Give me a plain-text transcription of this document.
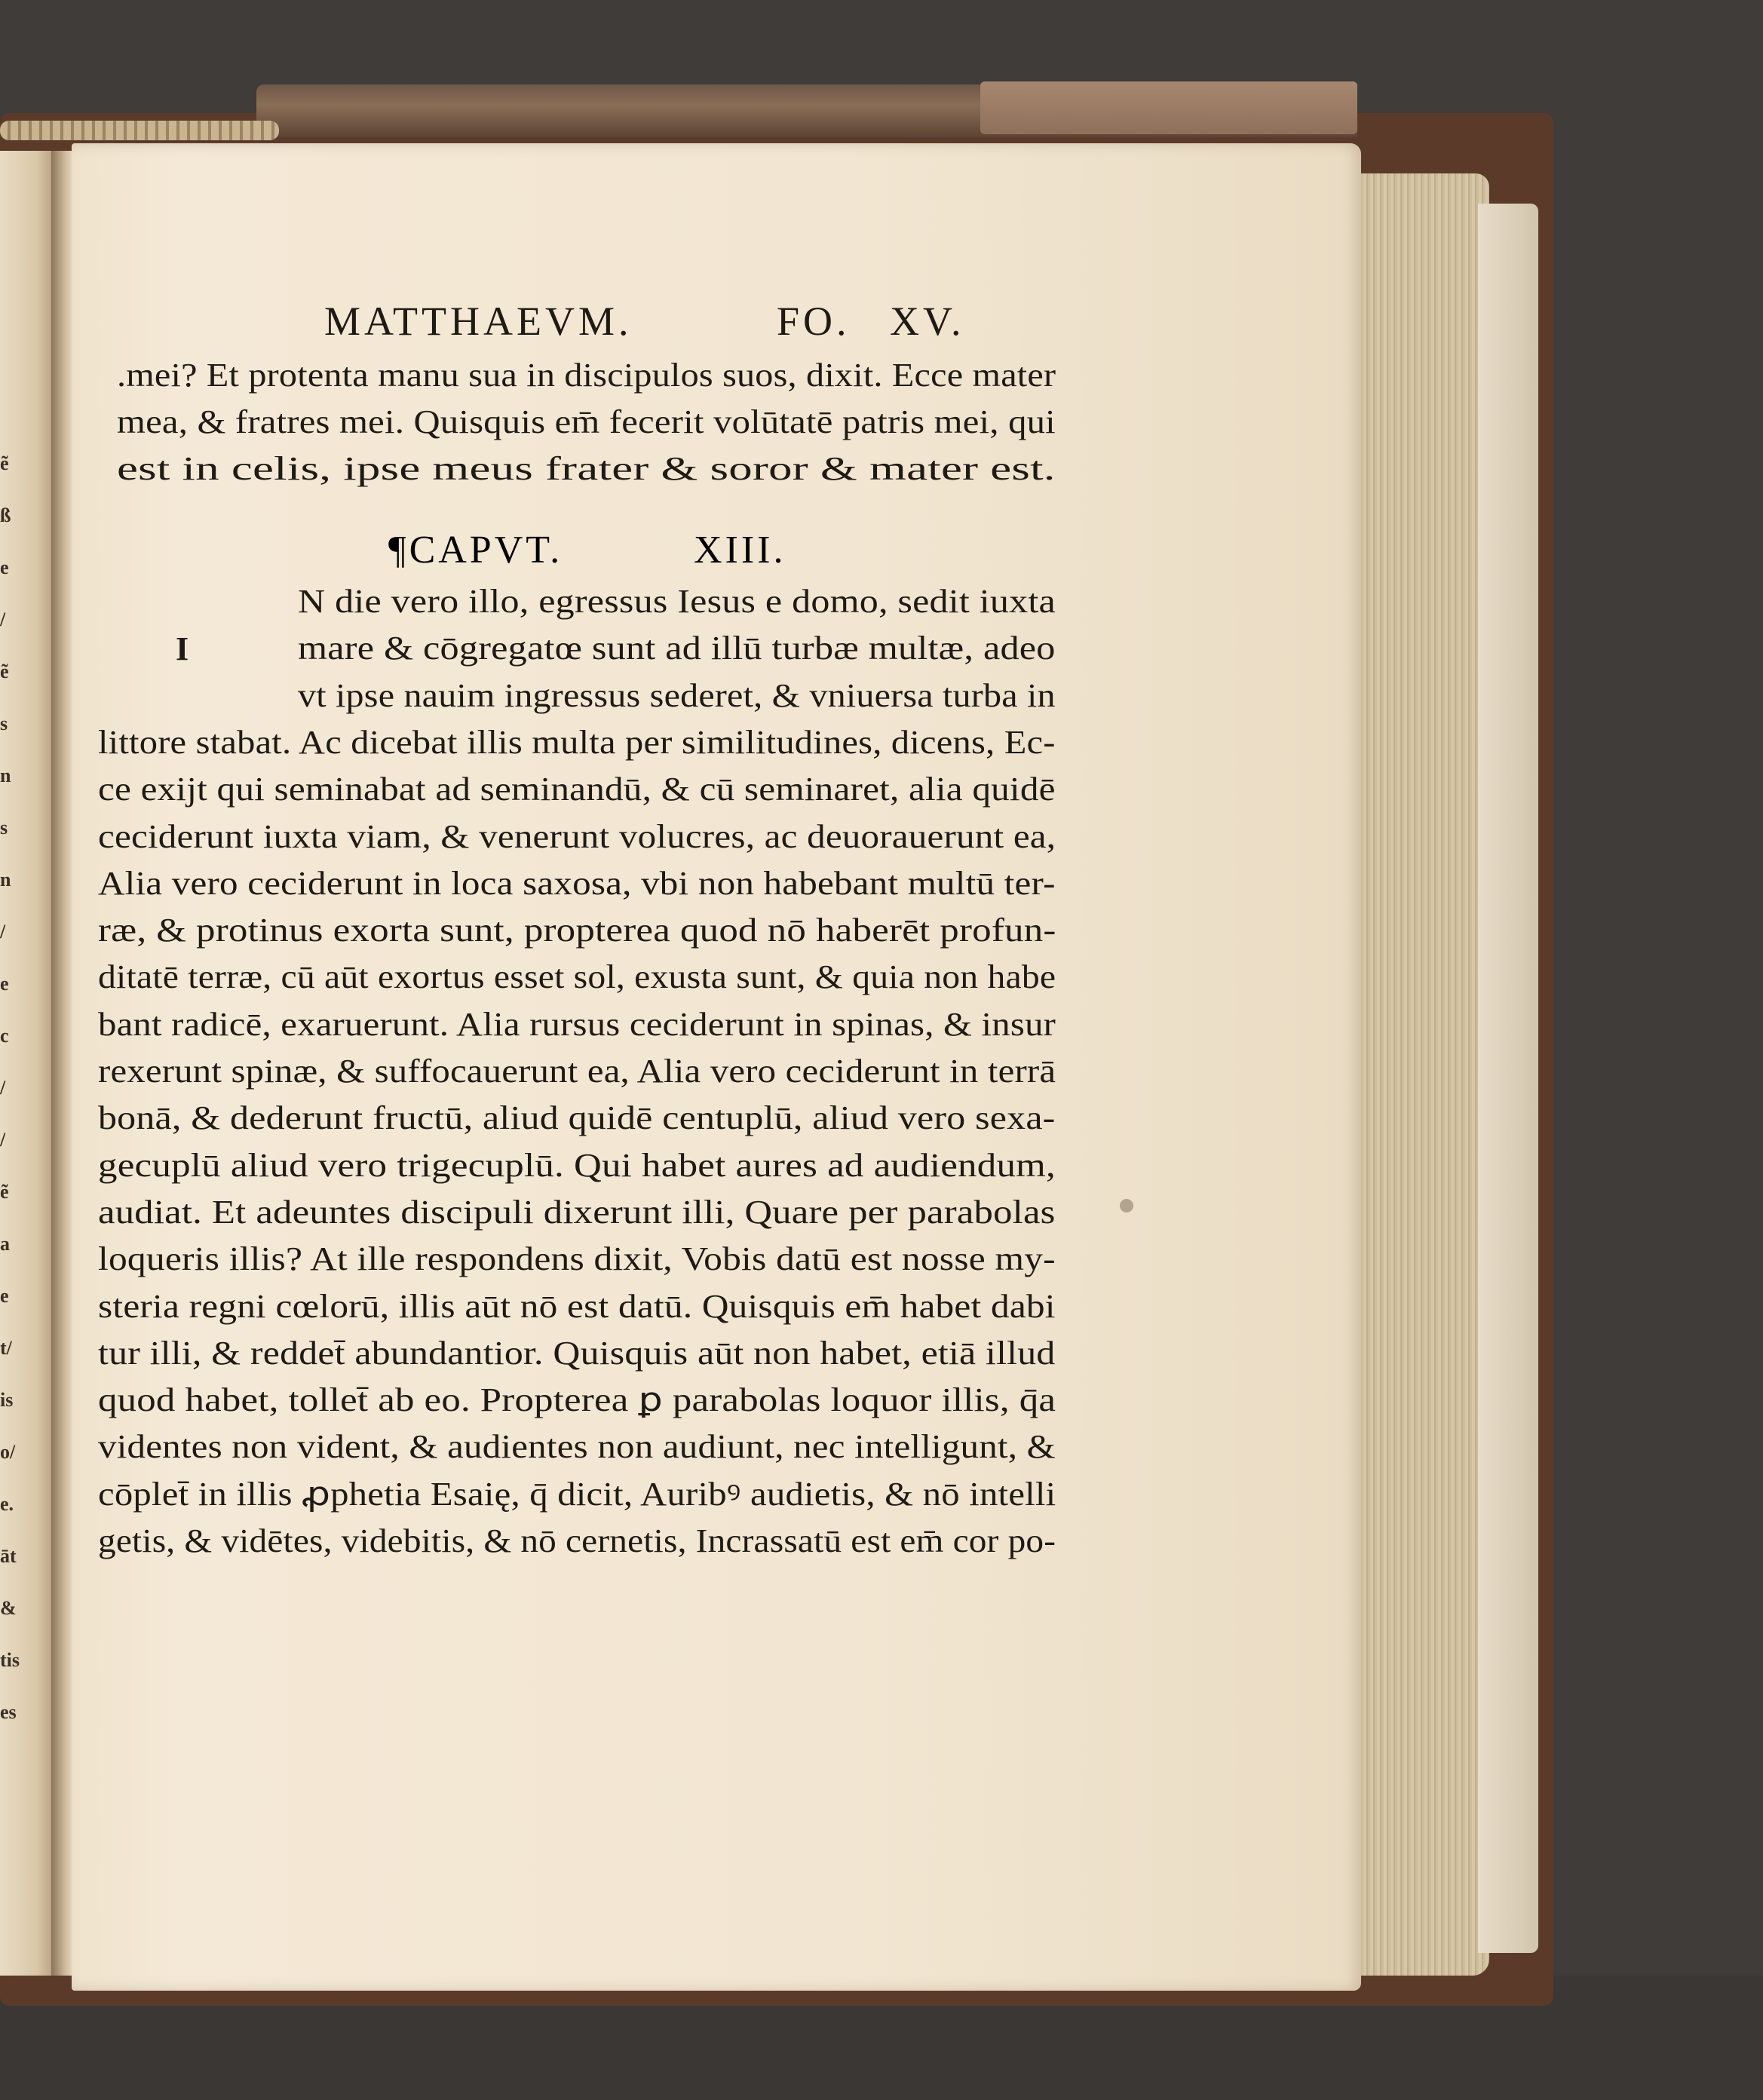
ẽ
ß
e
/
ẽ
s
n
s
n
/
e
c
/
/
ẽ
a
e
t/
is
o/
e.
āt
&
tis
es
MATTHAEVM.	FO. XV.
.mei? Et protenta manu sua in discipulos suos, dixit. Ecce mater
mea, & fratres mei. Quisquis em̄ fecerit volūtatē patris mei, qui
est in celis, ipse meus frater & soror & mater est.
N die vero illo, egressus Iesus e domo, sedit iuxta
mare & cōgregatœ sunt ad illū turbæ multæ, adeo
vt ipse nauim ingressus sederet, & vniuersa turba in
littore stabat. Ac dicebat illis multa per similitudines, dicens, Ec-
ce exijt qui seminabat ad seminandū, & cū seminaret, alia quidē
ceciderunt iuxta viam, & venerunt volucres, ac deuorauerunt ea,
Alia vero ceciderunt in loca saxosa, vbi non habebant multū ter-
ræ, & protinus exorta sunt, propterea quod nō haberēt profun-
ditatē terræ, cū aūt exortus esset sol, exusta sunt, & quia non habe
bant radicē, exaruerunt. Alia rursus ceciderunt in spinas, & insur
rexerunt spinæ, & suffocauerunt ea, Alia vero ceciderunt in terrā
bonā, & dederunt fructū, aliud quidē centuplū, aliud vero sexa-
gecuplū aliud vero trigecuplū. Qui habet aures ad audiendum,
audiat. Et adeuntes discipuli dixerunt illi, Quare per parabolas
loqueris illis? At ille respondens dixit, Vobis datū est nosse my-
steria regni cœlorū, illis aūt nō est datū. Quisquis em̄ habet dabi
tur illi, & reddet̄ abundantior. Quisquis aūt non habet, etiā illud
quod habet, tollet̄ ab eo. Propterea ꝑ parabolas loquor illis, q̄a
videntes non vident, & audientes non audiunt, nec intelligunt, &
cōplet̄ in illis ꝓphetia Esaię, q̄ dicit, Auribꝰ audietis, & nō intelli
getis, & vidētes, videbitis, & nō cernetis, Incrassatū est em̄ cor po-
¶CAPVT.	XIII.
I
